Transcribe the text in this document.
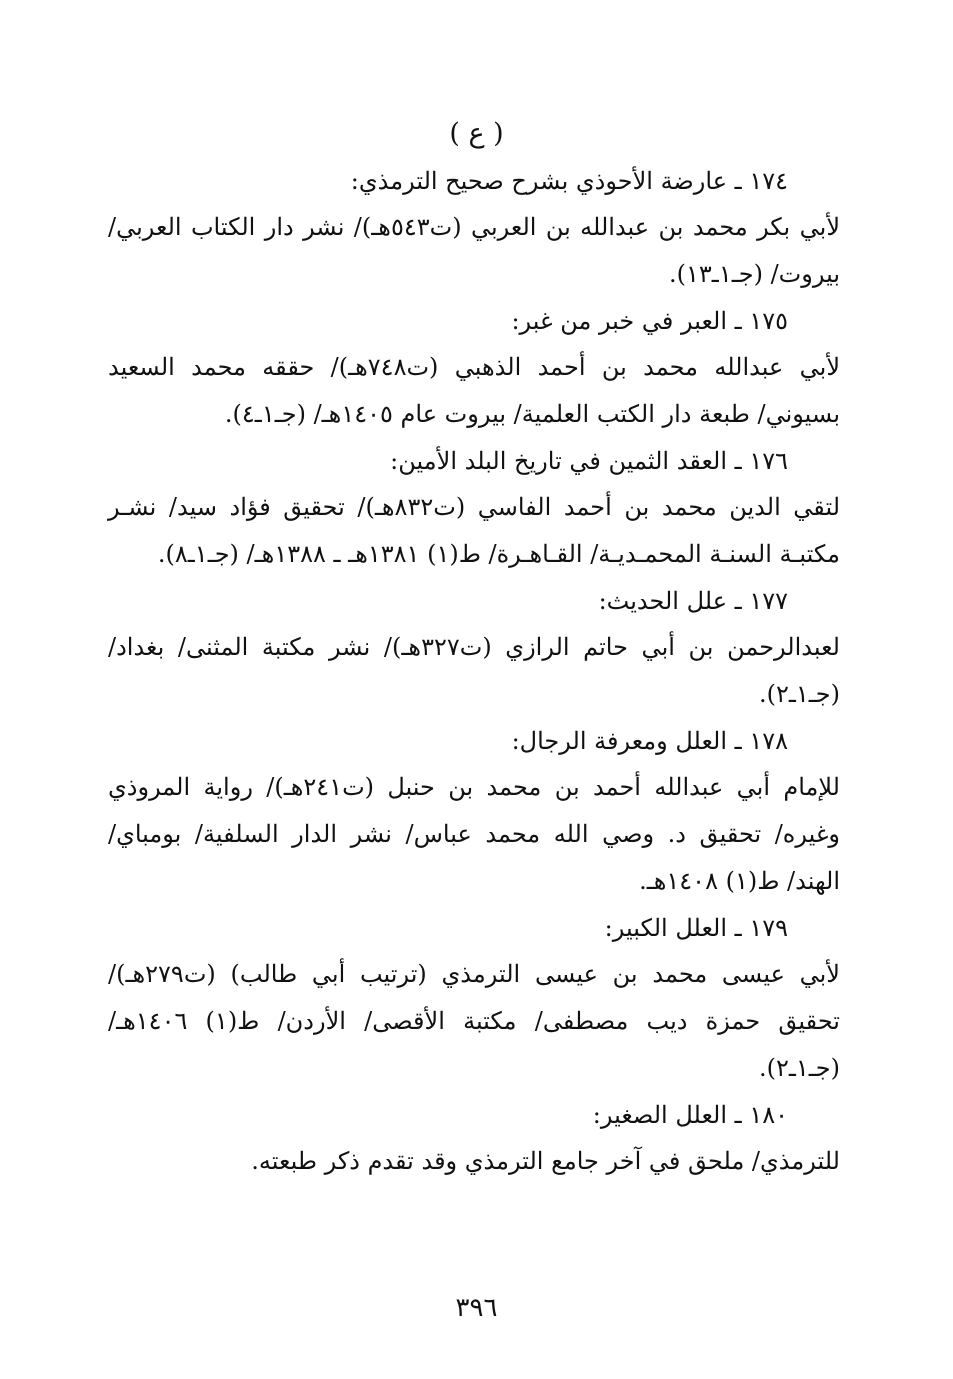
( ع )
١٧٤ ـ عارضة الأحوذي بشرح صحيح الترمذي:
لأبي بكر محمد بن عبدالله بن العربي (ت٥٤٣هـ)/ نشر دار الكتاب العربي/ بيروت/ (جـ١ـ١٣).
١٧٥ ـ العبر في خبر من غبر:
لأبي عبدالله محمد بن أحمد الذهبي (ت٧٤٨هـ)/ حققه محمد السعيد بسيوني/ طبعة دار الكتب العلمية/ بيروت عام ١٤٠٥هـ/ (جـ١ـ٤).
١٧٦ ـ العقد الثمين في تاريخ البلد الأمين:
لتقي الدين محمد بن أحمد الفاسي (ت٨٣٢هـ)/ تحقيق فؤاد سيد/ نشـر مكتبـة السنـة المحمـديـة/ القـاهـرة/ ط(١) ١٣٨١هـ ـ ١٣٨٨هـ/ (جـ١ـ٨).
١٧٧ ـ علل الحديث:
لعبدالرحمن بن أبي حاتم الرازي (ت٣٢٧هـ)/ نشر مكتبة المثنى/ بغداد/ (جـ١ـ٢).
١٧٨ ـ العلل ومعرفة الرجال:
للإمام أبي عبدالله أحمد بن محمد بن حنبل (ت٢٤١هـ)/ رواية المروذي وغيره/ تحقيق د. وصي الله محمد عباس/ نشر الدار السلفية/ بومباي/ الهند/ ط(١) ١٤٠٨هـ.
١٧٩ ـ العلل الكبير:
لأبي عيسى محمد بن عيسى الترمذي (ترتيب أبي طالب) (ت٢٧٩هـ)/ تحقيق حمزة ديب مصطفى/ مكتبة الأقصى/ الأردن/ ط(١) ١٤٠٦هـ/ (جـ١ـ٢).
١٨٠ ـ العلل الصغير:
للترمذي/ ملحق في آخر جامع الترمذي وقد تقدم ذكر طبعته.
٣٩٦
